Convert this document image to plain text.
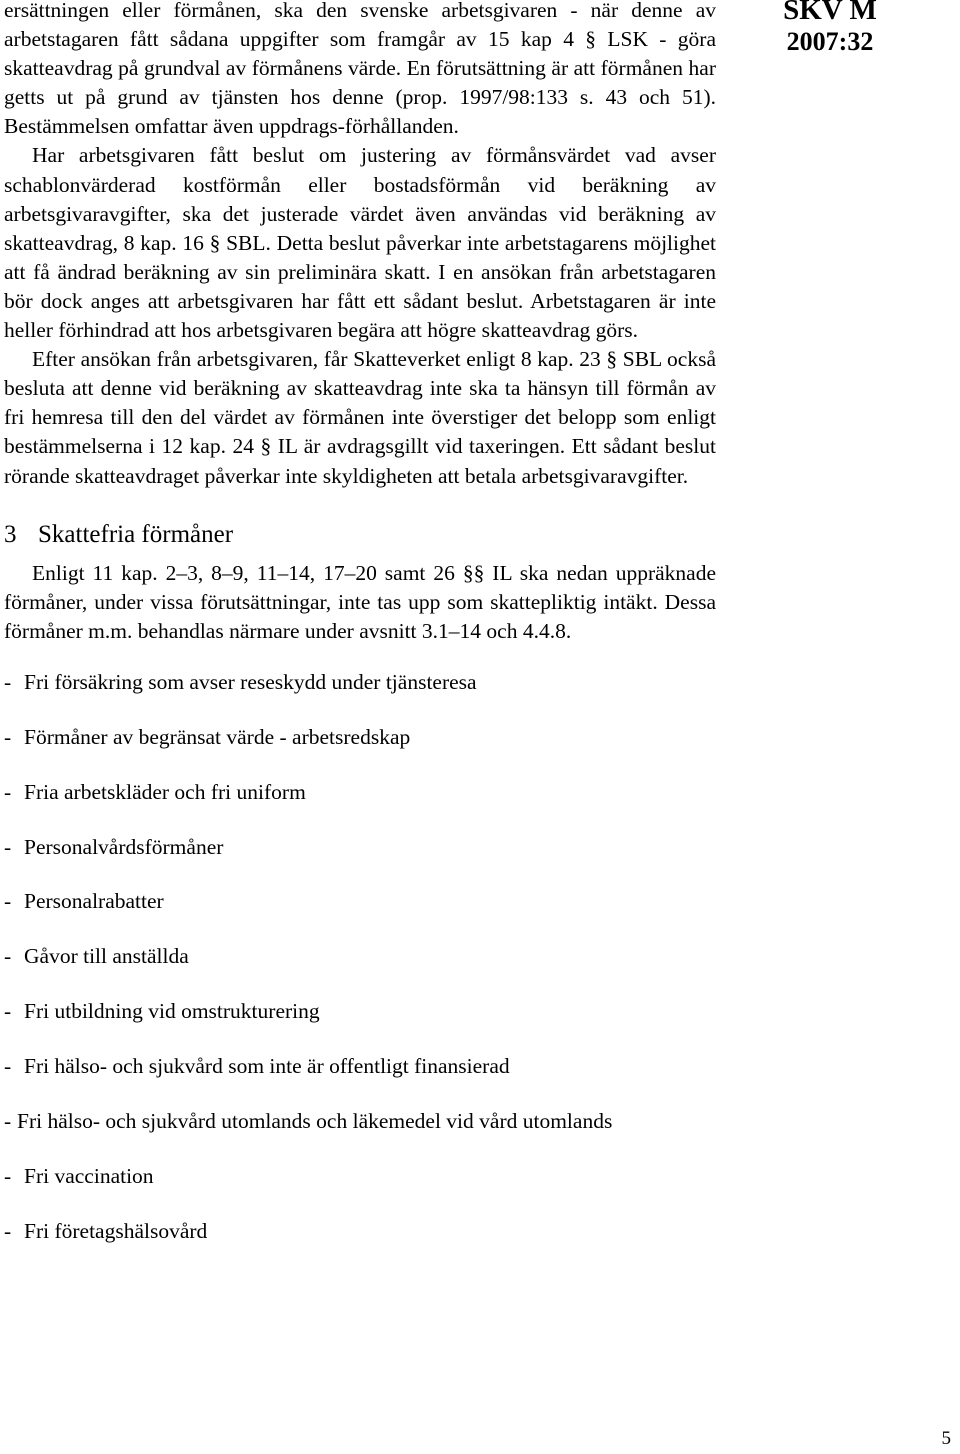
SKV M
2007:32

ersättningen eller förmånen, ska den svenske arbetsgivaren - när denne av arbetstagaren fått sådana uppgifter som framgår av 15 kap 4 § LSK - göra skatteavdrag på grundval av förmånens värde. En förutsättning är att förmånen har getts ut på grund av tjänsten hos denne (prop. 1997/98:133 s. 43 och 51). Bestämmelsen omfattar även uppdrags-förhållanden.

Har arbetsgivaren fått beslut om justering av förmånsvärdet vad avser schablonvärderad kostförmån eller bostadsförmån vid beräkning av arbetsgivaravgifter, ska det justerade värdet även användas vid beräkning av skatteavdrag, 8 kap. 16 § SBL. Detta beslut påverkar inte arbetstagarens möjlighet att få ändrad beräkning av sin preliminära skatt. I en ansökan från arbetstagaren bör dock anges att arbetsgivaren har fått ett sådant beslut. Arbetstagaren är inte heller förhindrad att hos arbetsgivaren begära att högre skatteavdrag görs.

Efter ansökan från arbetsgivaren, får Skatteverket enligt 8 kap. 23 § SBL också besluta att denne vid beräkning av skatteavdrag inte ska ta hänsyn till förmån av fri hemresa till den del värdet av förmånen inte överstiger det belopp som enligt bestämmelserna i 12 kap. 24 § IL är avdragsgillt vid taxeringen. Ett sådant beslut rörande skatteavdraget påverkar inte skyldigheten att betala arbetsgivaravgifter.

3 Skattefria förmåner

Enligt 11 kap. 2–3, 8–9, 11–14, 17–20 samt 26 §§ IL ska nedan uppräknade förmåner, under vissa förutsättningar, inte tas upp som skattepliktig intäkt. Dessa förmåner m.m. behandlas närmare under avsnitt 3.1–14 och 4.4.8.

- Fri försäkring som avser reseskydd under tjänsteresa
- Förmåner av begränsat värde - arbetsredskap
- Fria arbetskläder och fri uniform
- Personalvårdsförmåner
- Personalrabatter
- Gåvor till anställda
- Fri utbildning vid omstrukturering
- Fri hälso- och sjukvård som inte är offentligt finansierad
- Fri hälso- och sjukvård utomlands och läkemedel vid vård utomlands
- Fri vaccination
- Fri företagshälsovård
5
